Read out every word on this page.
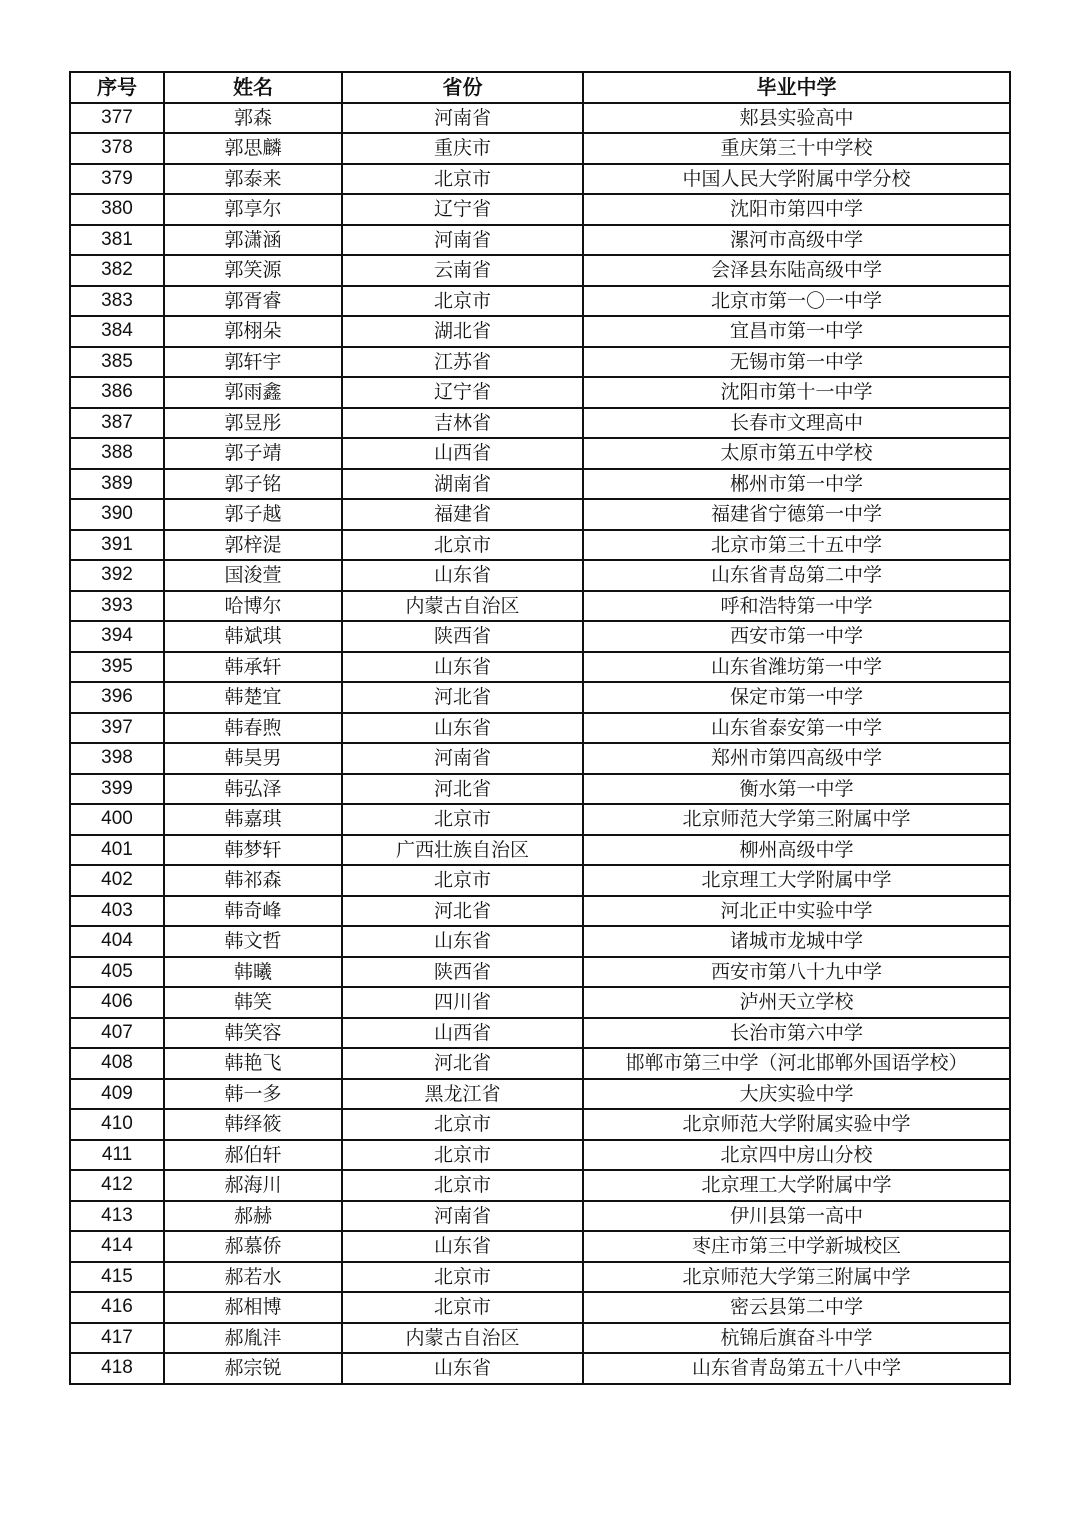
序号	姓名	省份	毕业中学
377	郭森	河南省	郏县实验高中
378	郭思麟	重庆市	重庆第三十中学校
379	郭泰来	北京市	中国人民大学附属中学分校
380	郭享尔	辽宁省	沈阳市第四中学
381	郭潇涵	河南省	漯河市高级中学
382	郭笑源	云南省	会泽县东陆高级中学
383	郭胥睿	北京市	北京市第一〇一中学
384	郭栩朵	湖北省	宜昌市第一中学
385	郭轩宇	江苏省	无锡市第一中学
386	郭雨鑫	辽宁省	沈阳市第十一中学
387	郭昱彤	吉林省	长春市文理高中
388	郭子靖	山西省	太原市第五中学校
389	郭子铭	湖南省	郴州市第一中学
390	郭子越	福建省	福建省宁德第一中学
391	郭梓湜	北京市	北京市第三十五中学
392	国浚萱	山东省	山东省青岛第二中学
393	哈博尔	内蒙古自治区	呼和浩特第一中学
394	韩斌琪	陕西省	西安市第一中学
395	韩承轩	山东省	山东省潍坊第一中学
396	韩楚宜	河北省	保定市第一中学
397	韩春煦	山东省	山东省泰安第一中学
398	韩昊男	河南省	郑州市第四高级中学
399	韩弘泽	河北省	衡水第一中学
400	韩嘉琪	北京市	北京师范大学第三附属中学
401	韩梦轩	广西壮族自治区	柳州高级中学
402	韩祁森	北京市	北京理工大学附属中学
403	韩奇峰	河北省	河北正中实验中学
404	韩文哲	山东省	诸城市龙城中学
405	韩曦	陕西省	西安市第八十九中学
406	韩笑	四川省	泸州天立学校
407	韩笑容	山西省	长治市第六中学
408	韩艳飞	河北省	邯郸市第三中学（河北邯郸外国语学校）
409	韩一多	黑龙江省	大庆实验中学
410	韩绎筱	北京市	北京师范大学附属实验中学
411	郝伯轩	北京市	北京四中房山分校
412	郝海川	北京市	北京理工大学附属中学
413	郝赫	河南省	伊川县第一高中
414	郝慕侨	山东省	枣庄市第三中学新城校区
415	郝若水	北京市	北京师范大学第三附属中学
416	郝相博	北京市	密云县第二中学
417	郝胤沣	内蒙古自治区	杭锦后旗奋斗中学
418	郝宗锐	山东省	山东省青岛第五十八中学
